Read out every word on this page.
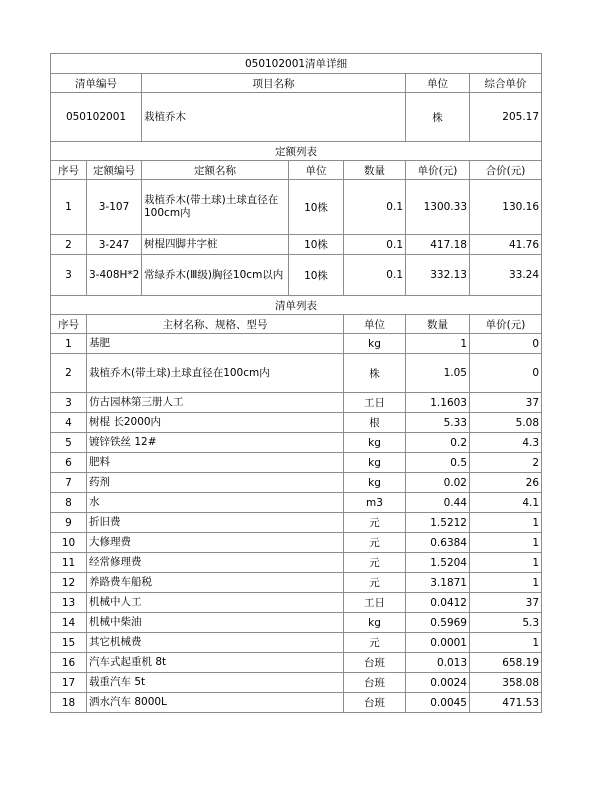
050102001清单详细							
清单编号		项目名称			单位	综合单价	
050102001		栽植乔木			株	205.17	
定额列表							
序号	定额编号	定额名称	单位	数量	单价(元)	合价(元)	
1	3-107	栽植乔木(带土球)土球直径在100cm内	10株	0.1	1300.33	130.16	
2	3-247	树棍四脚井字桩	10株	0.1	417.18	41.76	
3	3-408H*2	常绿乔木(Ⅲ级)胸径10cm以内	10株	0.1	332.13	33.24	
清单列表							
序号	主材名称、规格、型号			单位	数量	单价(元)	
1	基肥			kg	1	0	
2	栽植乔木(带土球)土球直径在100cm内			株	1.05	0	
3	仿古园林第三册人工			工日	1.1603	37	
4	树棍 长2000内			根	5.33	5.08	
5	镀锌铁丝 12#			kg	0.2	4.3	
6	肥料			kg	0.5	2	
7	药剂			kg	0.02	26	
8	水			m3	0.44	4.1	
9	折旧费			元	1.5212	1	
10	大修理费			元	0.6384	1	
11	经常修理费			元	1.5204	1	
12	养路费车船税			元	3.1871	1	
13	机械中人工			工日	0.0412	37	
14	机械中柴油			kg	0.5969	5.3	
15	其它机械费			元	0.0001	1	
16	汽车式起重机 8t			台班	0.013	658.19	
17	载重汽车 5t			台班	0.0024	358.08	
18	洒水汽车 8000L			台班	0.0045	471.53	
